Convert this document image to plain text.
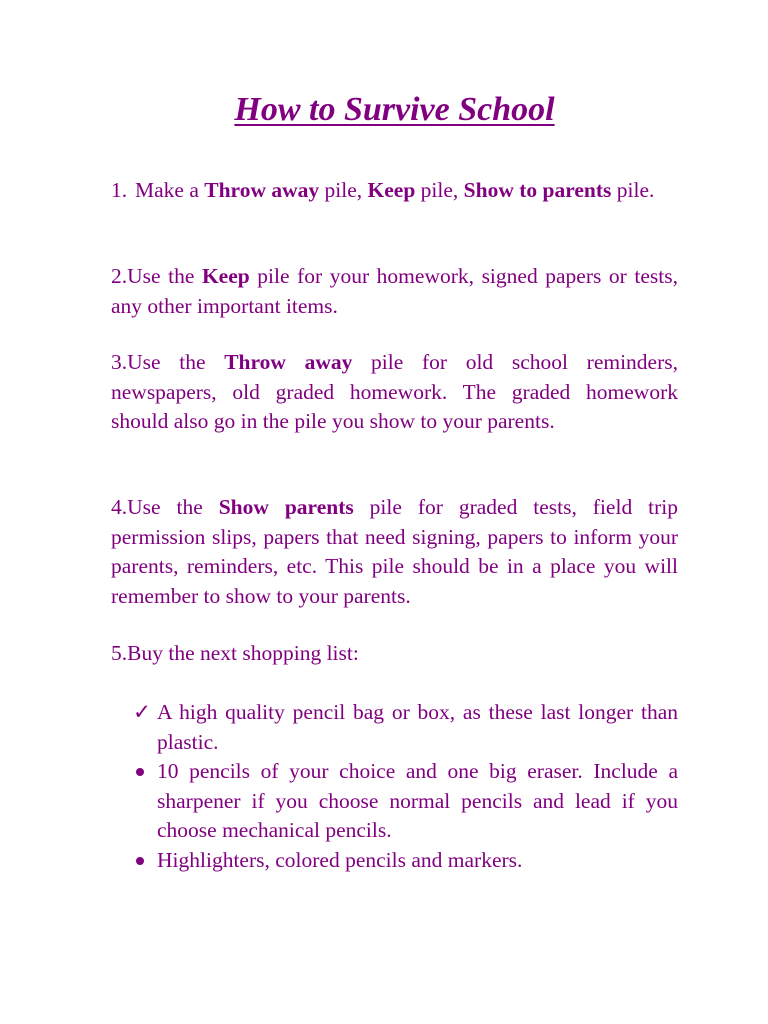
How to Survive School
1. Make a Throw away pile, Keep pile, Show to parents pile.

2.Use the Keep pile for your homework, signed papers or tests, any other important items.

3.Use the Throw away pile for old school reminders, newspapers, old graded homework. The graded homework should also go in the pile you show to your parents.

4.Use the Show parents pile for graded tests, field trip permission slips, papers that need signing, papers to inform your parents, reminders, etc. This pile should be in a place you will remember to show to your parents.

5.Buy the next shopping list:

✓ A high quality pencil bag or box, as these last longer than plastic.
10 pencils of your choice and one big eraser. Include a sharpener if you choose normal pencils and lead if you choose mechanical pencils.
Highlighters, colored pencils and markers.
